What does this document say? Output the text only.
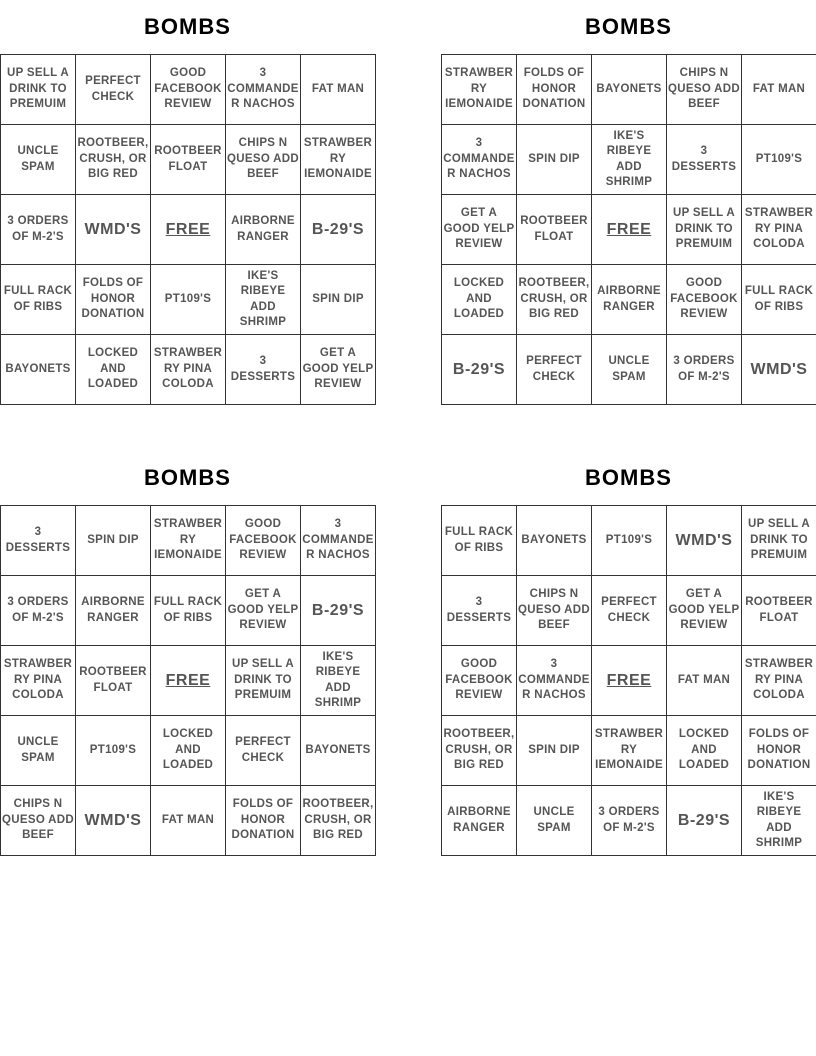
BOMBS
UP SELL A DRINK TO PREMUIM	PERFECT CHECK	GOOD FACEBOOK REVIEW	3 COMMANDER NACHOS	FAT MAN
UNCLE SPAM	ROOTBEER, CRUSH, OR BIG RED	ROOTBEER FLOAT	CHIPS N QUESO ADD BEEF	STRAWBERRY IEMONAIDE
3 ORDERS OF M-2'S	WMD'S	FREE	AIRBORNE RANGER	B-29'S
FULL RACK OF RIBS	FOLDS OF HONOR DONATION	PT109'S	IKE'S RIBEYE ADD SHRIMP	SPIN DIP
BAYONETS	LOCKED AND LOADED	STRAWBERRY PINA COLODA	3 DESSERTS	GET A GOOD YELP REVIEW
BOMBS
STRAWBERRY IEMONAIDE	FOLDS OF HONOR DONATION	BAYONETS	CHIPS N QUESO ADD BEEF	FAT MAN
3 COMMANDER NACHOS	SPIN DIP	IKE'S RIBEYE ADD SHRIMP	3 DESSERTS	PT109'S
GET A GOOD YELP REVIEW	ROOTBEER FLOAT	FREE	UP SELL A DRINK TO PREMUIM	STRAWBERRY PINA COLODA
LOCKED AND LOADED	ROOTBEER, CRUSH, OR BIG RED	AIRBORNE RANGER	GOOD FACEBOOK REVIEW	FULL RACK OF RIBS
B-29'S	PERFECT CHECK	UNCLE SPAM	3 ORDERS OF M-2'S	WMD'S
BOMBS
3 DESSERTS	SPIN DIP	STRAWBERRY IEMONAIDE	GOOD FACEBOOK REVIEW	3 COMMANDER NACHOS
3 ORDERS OF M-2'S	AIRBORNE RANGER	FULL RACK OF RIBS	GET A GOOD YELP REVIEW	B-29'S
STRAWBERRY PINA COLODA	ROOTBEER FLOAT	FREE	UP SELL A DRINK TO PREMUIM	IKE'S RIBEYE ADD SHRIMP
UNCLE SPAM	PT109'S	LOCKED AND LOADED	PERFECT CHECK	BAYONETS
CHIPS N QUESO ADD BEEF	WMD'S	FAT MAN	FOLDS OF HONOR DONATION	ROOTBEER, CRUSH, OR BIG RED
BOMBS
FULL RACK OF RIBS	BAYONETS	PT109'S	WMD'S	UP SELL A DRINK TO PREMUIM
3 DESSERTS	CHIPS N QUESO ADD BEEF	PERFECT CHECK	GET A GOOD YELP REVIEW	ROOTBEER FLOAT
GOOD FACEBOOK REVIEW	3 COMMANDER NACHOS	FREE	FAT MAN	STRAWBERRY PINA COLODA
ROOTBEER, CRUSH, OR BIG RED	SPIN DIP	STRAWBERRY IEMONAIDE	LOCKED AND LOADED	FOLDS OF HONOR DONATION
AIRBORNE RANGER	UNCLE SPAM	3 ORDERS OF M-2'S	B-29'S	IKE'S RIBEYE ADD SHRIMP
